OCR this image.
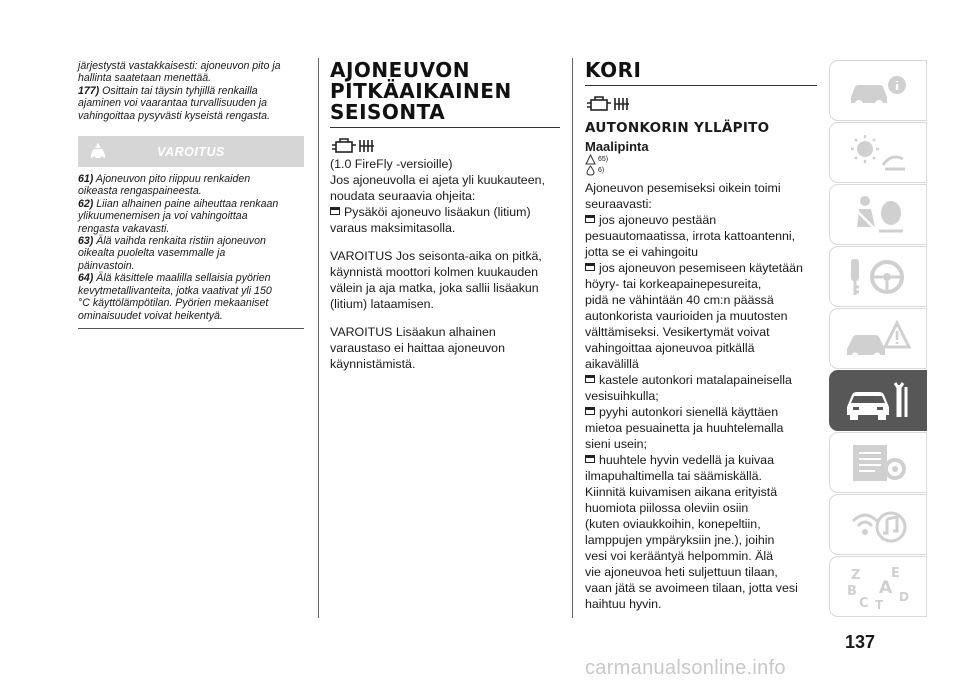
järjestystä vastakkaisesti: ajoneuvon pito ja
hallinta saatetaan menettää.
177) Osittain tai täysin tyhjillä renkailla
ajaminen voi vaarantaa turvallisuuden ja
vahingoittaa pysyvästi kyseistä rengasta.
VAROITUS
61) Ajoneuvon pito riippuu renkaiden
oikeasta rengaspaineesta.
62) Liian alhainen paine aiheuttaa renkaan
ylikuumenemisen ja voi vahingoittaa
rengasta vakavasti.
63) Älä vaihda renkaita ristiin ajoneuvon
oikealta puolelta vasemmalle ja
päinvastoin.
64) Älä käsittele maalilla sellaisia pyörien
kevytmetallivanteita, jotka vaativat yli 150
°C käyttölämpötilan. Pyörien mekaaniset
ominaisuudet voivat heikentyä.
AJONEUVON
PITKÄAIKAINEN
SEISONTA

(1.0 FireFly -versioille)

Jos ajoneuvolla ei ajeta yli kuukauteen,

noudata seuraavia ohjeita:

Pysäköi ajoneuvo lisäakun (litium)

varaus maksimitasolla.

VAROITUS Jos seisonta-aika on pitkä,

käynnistä moottori kolmen kuukauden

välein ja aja matka, joka sallii lisäakun

(litium) lataamisen.

VAROITUS Lisäakun alhainen

varaustaso ei haittaa ajoneuvon

käynnistämistä.

KORI
AUTONKORIN YLLÄPITO
Maalipinta
65)
6)

Ajoneuvon pesemiseksi oikein toimi

seuraavasti:

jos ajoneuvo pestään

pesuautomaatissa, irrota kattoantenni,

jotta se ei vahingoitu

jos ajoneuvon pesemiseen käytetään

höyry- tai korkeapainepesureita,

pidä ne vähintään 40 cm:n päässä

autonkorista vaurioiden ja muutosten

välttämiseksi. Vesikertymät voivat

vahingoittaa ajoneuvoa pitkällä

aikavälillä

kastele autonkori matalapaineisella

vesisuihkulla;

pyyhi autonkori sienellä käyttäen

mietoa pesuainetta ja huuhtelemalla

sieni usein;

huuhtele hyvin vedellä ja kuivaa

ilmapuhaltimella tai säämiskällä.

Kiinnitä kuivamisen aikana erityistä

huomiota piilossa oleviin osiin

(kuten oviaukkoihin, konepeltiin,

lamppujen ympäryksiin jne.), joihin

vesi voi kerääntyä helpommin. Älä

vie ajoneuvoa heti suljettuun tilaan,

vaan jätä se avoimeen tilaan, jotta vesi

haihtuu hyvin.

Z E
B A
C	D
T
137
carmanualsonline.info
